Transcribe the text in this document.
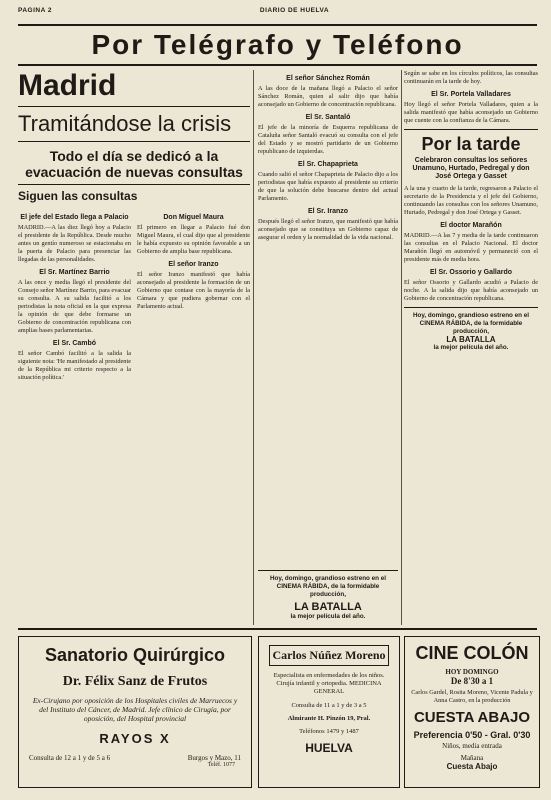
PAGINA 2	DIARIO DE HUELVA
Por Telégrafo y Teléfono
Madrid
Tramitándose la crisis
Todo el día se dedicó a la evacuación de nuevas consultas
Siguen las consultas
El jefe del Estado llega a Palacio

MADRID.—A las diez llegó hoy a Palacio el presidente de la República. Desde mucho antes un gentío numeroso se estacionaba en la puerta de Palacio para presenciar las llegadas de las personalidades.

El Sr. Martínez Barrio

A las once y media llegó el presidente del Consejo señor Martínez Barrio, para evacuar su consulta. A su salida facilitó a los periodistas la nota oficial en la que expresa la opinión de que debe formarse un Gobierno de concentración republicana con amplias bases parlamentarias.

El Sr. Cambó

El señor Cambó facilitó a la salida la siguiente nota: 'He manifestado al presidente de la República mi criterio respecto a la situación política.'

Don Miguel Maura

El primero en llegar a Palacio fué don Miguel Maura, el cual dijo que al presidente le había expuesto su opinión favorable a un Gobierno de amplia base republicana.

El señor Iranzo

El señor Iranzo manifestó que había aconsejado al presidente la formación de un Gobierno que contase con la mayoría de la Cámara y que pudiera gobernar con el Parlamento actual.

El señor Sánchez Román

A las doce de la mañana llegó a Palacio el señor Sánchez Román, quien al salir dijo que había aconsejado un Gobierno de concentración republicana.

El Sr. Santaló

El jefe de la minoría de Esquerra republicana de Cataluña señor Santaló evacuó su consulta con el jefe del Estado y se mostró partidario de un Gobierno republicano de izquierdas.

El Sr. Chapaprieta

Cuando salió el señor Chapaprieta de Palacio dijo a los periodistas que había expuesto al presidente su criterio de que la solución debe buscarse dentro del actual Parlamento.

El Sr. Iranzo

Después llegó el señor Iranzo, que manifestó que había aconsejado que se constituya un Gobierno capaz de asegurar el orden y la normalidad de la vida nacional.

Hoy, domingo, grandioso estreno en el CINEMA RÁBIDA, de la formidable producción,
LA BATALLA
la mejor película del año.

Según se sabe en los círculos políticos, las consultas continuarán en la tarde de hoy.

El Sr. Portela Valladares

Hoy llegó el señor Portela Valladares, quien a la salida manifestó que había aconsejado un Gobierno que cuente con la confianza de la Cámara.

Por la tarde
Celebraron consultas los señores Unamuno, Hurtado, Pedregal y don José Ortega y Gasset

A la una y cuarto de la tarde, regresaron a Palacio el secretario de la Presidencia y el jefe del Gobierno, continuando las consultas con los señores Unamuno, Hurtado, Pedregal y don José Ortega y Gasset.

El doctor Marañón

MADRID.—A las 7 y media de la tarde continuaron las consultas en el Palacio Nacional. El doctor Marañón llegó en automóvil y permaneció con el presidente más de media hora.

El Sr. Ossorio y Gallardo

El señor Ossorio y Gallardo acudió a Palacio de noche. A la salida dijo que había aconsejado un Gobierno de concentración republicana.

Hoy, domingo, grandioso estreno en el CINEMA RÁBIDA, de la formidable producción,
LA BATALLA
la mejor película del año.
Sanatorio Quirúrgico
Dr. Félix Sanz de Frutos
Ex-Cirujano por oposición de los Hospitales civiles de Marruecos y del Instituto del Cáncer, de Madrid. Jefe clínico de Cirugía, por oposición, del Hospital provincial
RAYOS X
Consulta de 12 a 1 y de 5 a 6	Burgos y Mazo, 11
Teléf. 1077
Carlos Núñez Moreno
Especialista en enfermedades de los niños. Cirujía infantil y ortopedia. MEDICINA GENERAL
Consulta de 11 a 1 y de 3 a 5
Almirante H. Pinzón 19, Pral.
Teléfonos 1479 y 1487
HUELVA
CINE COLÓN
HOY DOMINGO
De 8'30 a 1
Carlos Gardel, Rosita Moreno, Vicente Padula y Anna Castro, en la producción
CUESTA ABAJO
Preferencia 0'50 - Gral. 0'30
Niños, media entrada
Mañana
Cuesta Abajo
